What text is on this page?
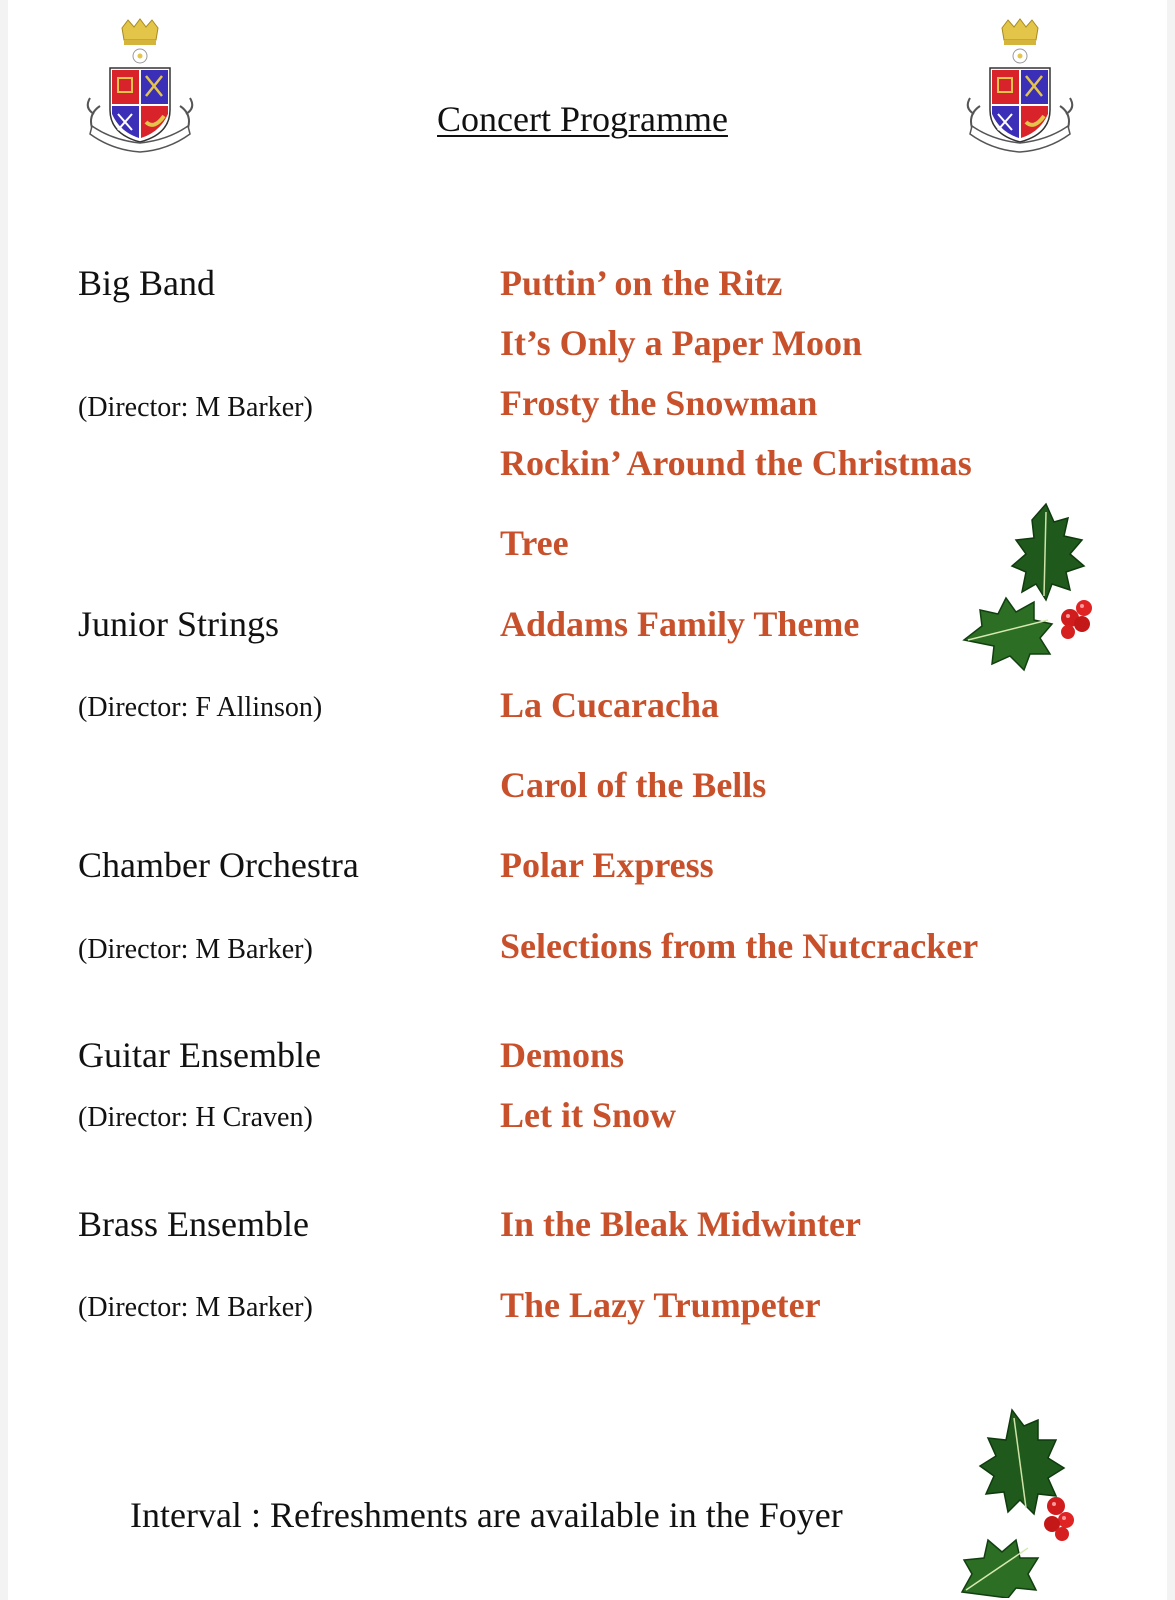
Concert Programme
Big Band
(Director: M Barker)
Puttin’ on the Ritz
It’s Only a Paper Moon
Frosty the Snowman
Rockin’ Around the Christmas
Tree
Junior Strings
(Director: F Allinson)
Addams Family Theme
La Cucaracha
Carol of the Bells
Chamber Orchestra
(Director: M Barker)
Polar Express
Selections from the Nutcracker
Guitar Ensemble
(Director: H Craven)
Demons
Let it Snow
Brass Ensemble
(Director: M Barker)
In the Bleak Midwinter
The Lazy Trumpeter
Interval : Refreshments are available in the Foyer
